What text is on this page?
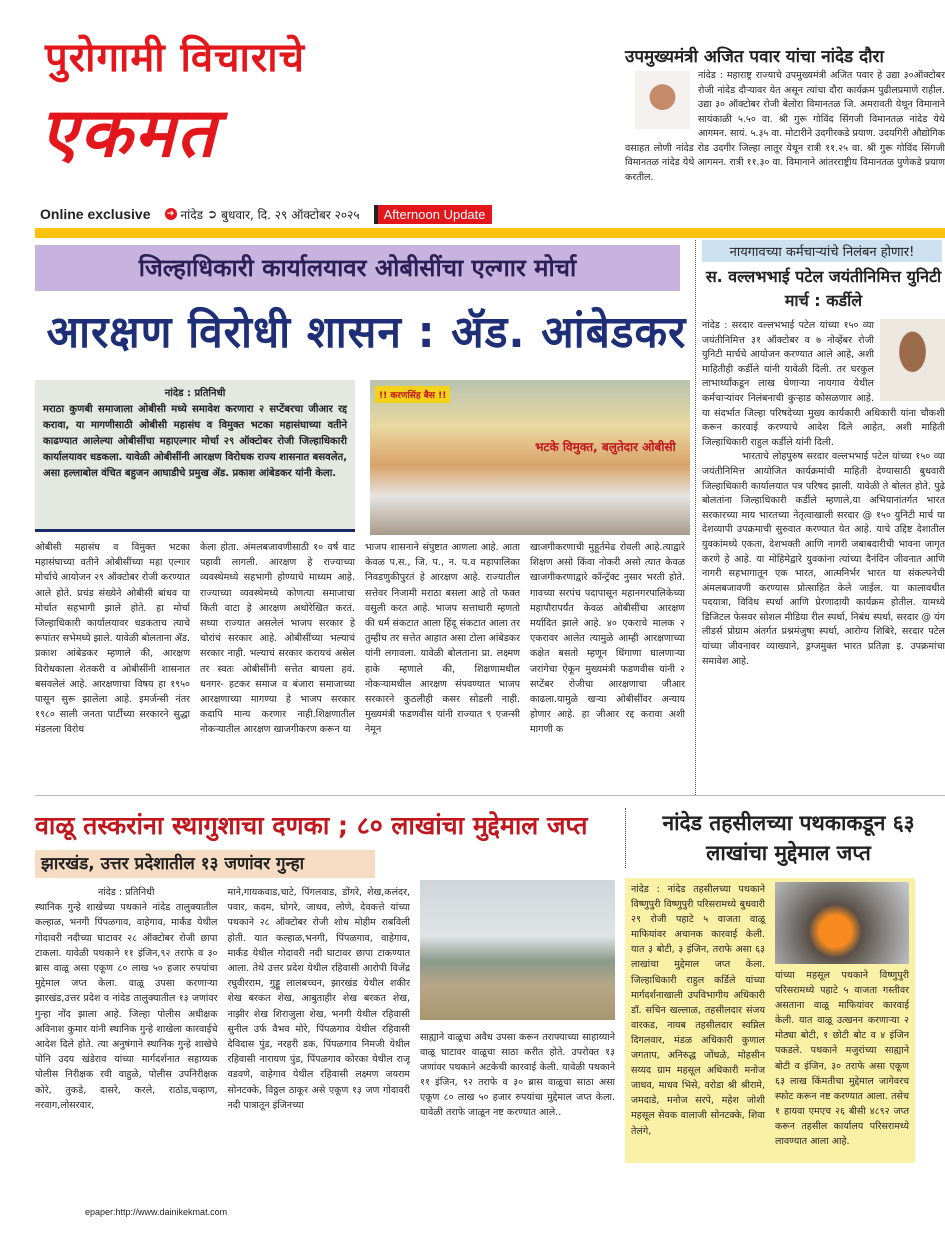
पुरोगामी विचाराचे
एकमत
Online exclusive ➜ नांदेड ➲ बुधवार, दि. २९ ऑक्टोबर २०२५	Afternoon Update
उपमुख्यमंत्री अजित पवार यांचा नांदेड दौरा
नांदेड : महाराष्ट्र राज्याचे उपमुख्यमंत्री अजित पवार हे उद्या ३०ऑक्टोबर रोजी नांदेड दौऱ्यावर येत असून त्यांचा दौरा कार्यक्रम पुढीलप्रमाणे राहील. उद्या ३० ऑक्टोबर रोजी बेलोरा विमानतळ जि. अमरावती येथून विमानाने सायंकाळी ५.५० वा. श्री गुरू गोविंद सिंगजी विमानतळ नांदेड येथे आगमन. सायं. ५.३५ वा. मोटारीने उदगीरकडे प्रयाण. उदयगिरी औद्योगिक वसाहत लोणी नांदेड रोड उदगीर जिल्हा लातूर येथून रात्री ११.२५ वा. श्री गुरू गोविंद सिंगजी विमानतळ नांदेड येथे आगमन. रात्री ११.३० वा. विमानाने आंतरराष्ट्रीय विमानतळ पुणेकडे प्रयाण करतील.
जिल्हाधिकारी कार्यालयावर ओबीसींचा एल्गार मोर्चा
आरक्षण विरोधी शासन : ॲड. आंबेडकर
नांदेड : प्रतिनिधी
मराठा कुणबी समाजाला ओबीसी मध्ये समावेश करणारा २ सप्टेंबरचा जीआर रद्द करावा, या मागणीसाठी ओबीसी महासंघ व विमुक्त भटका महासंघाच्या वतीने काढण्यात आलेल्या ओबीसींचा महाएल्गार मोर्चा २९ ऑक्टोबर रोजी जिल्हाधिकारी कार्यालयावर धडकला. यावेळी ओबीसींनी आरक्षण विरोधक राज्य शासनात बसवलेत, असा हल्लाबोल वंचित बहुजन आघाडीचे प्रमुख ॲड. प्रकाश आंबेडकर यांनी केला.
!! करणसिंह बैस !!
भटके विमुक्त, बलुतेदार ओबीसी
ओबीसी महासंघ व विमुक्त भटका महासंघाच्या वतीने ओबीसींच्या महा एल्गार मोर्चाचे आयोजन २९ ऑक्टोबर रोजी करण्यात आले होते. प्रचंड संख्येने ओबीसी बांधव या मोर्चात सहभागी झाले होते. हा मोर्चा जिल्हाधिकारी कार्यालयावर धडकताच त्याचे रूपांतर सभेमध्ये झाले. यावेळी बोलताना ॲड. प्रकाश आंबेडकर म्हणाले की, आरक्षण विरोधकाला शेतकरी व ओबीसींनी शासनात बसवलेलं आहे. आरक्षणाचा विषय हा १९५० पासून सुरू झालेला आहे. इमर्जन्सी नंतर १९८० साली जनता पार्टीच्या सरकारने सुद्धा मंडलला विरोध
केला होता. अंमलबजावणीसाठी १० वर्ष वाट पहावी लागली. आरक्षण हे राज्याच्या व्यवस्थेमध्ये सहभागी होण्याचे माध्यम आहे. राज्याच्या व्यवस्थेमध्ये कोणत्या समाजाचा किती वाटा हे आरक्षण अधोरेखित करतं. सध्या राज्यात असलेलं भाजप सरकार हे चोरांचं सरकार आहे. ओबीसींच्या भल्याचं सरकार नाही. भल्याचं सरकार करायचं असेल तर स्वतः ओबीसींनी सत्तेत बायला हवं. धनगर- हटकर समाज व बंजारा समाजाच्या आरक्षणाच्या मागण्या हे भाजप सरकार कदापि मान्य करणार नाही.शिक्षणातील नोकऱ्यातील आरक्षण खाजगीकरण करून या
भाजप शासनाने संपुष्टात आणला आहे. आता केवळ प.स., जि. प., न. प.व महापालिका निवडणुकीपुरतं हे आरक्षण आहे. राज्यातील सत्तेवर निजामी मराठा बसला आहे तो फक्त वसुली करत आहे. भाजप सत्ताधारी म्हणतो की धर्म संकटात आला हिंदू संकटात आला तर तुम्हीच तर सत्तेत आहात असा टोला आंबेडकर यांनी लगावला. यावेळी बोलताना प्रा. लक्ष्मण हाके म्हणाले की, शिक्षणामधील नोकऱ्यामधील आरक्षण संपवण्यात भाजप सरकारने कुठलीही कसर सोडली नाही. मुख्यमंत्री फडणवीस यांनी राज्यात ९ एजन्सी नेमून
खाजगीकरणाची मुहूर्तमेढ रोवली आहे.त्याद्वारे शिक्षण असो किंवा नोकरी असो त्यात केवळ खाजगीकरणाद्वारे कॉन्ट्रॅक्ट नुसार भरती होते. गावच्या सरपंच पदापासून महानगरपालिकेच्या महापौरापर्यंत केवळ ओबीसींचा आरक्षण मर्यादित झाले आहे. ४० एकराचे मालक २ एकरावर आलेत त्यामुळे आम्ही आरक्षणाच्या कक्षेत बसतो म्हणून धिंगाणा घालणाऱ्या जरांगेचा ऐकून मुख्यमंत्री फडणवीस यांनी २ सप्टेंबर रोजीचा आरक्षणाचा जीआर काढला.यामुळे खऱ्या ओबीसींवर अन्याय होणार आहे. हा जीआर रद्द करावा अशी मागणी क
नायगावच्या कर्मचाऱ्यांचे निलंबन होणार!
स. वल्लभभाई पटेल जयंतीनिमित्त युनिटी मार्च : कर्डीले
नांदेड : सरदार वल्लभभाई पटेल यांच्या १५० व्या जयंतीनिमित्त ३१ ऑक्टोबर व ७ नोव्हेंबर रोजी युनिटी मार्चचे आयोजन करण्यात आले आहे, अशी माहितीही कर्डीले यांनी यावेळी दिली. तर घरकुल लाभार्थ्यांकडून लाख घेणाऱ्या नायगाव येथील कर्मचाऱ्यांवर निलंबनाची कुऱ्हाड कोसळणार आहे. या संदर्भात जिल्हा परिषदेच्या मुख्य कार्यकारी अधिकारी यांना चौकशी करून कारवाई करण्याचे आदेश दिले आहेत, अशी माहिती जिल्हाधिकारी राहुल कर्डीले यांनी दिली.
भारताचे लोहपुरुष सरदार वल्लभभाई पटेल यांच्या १५० व्या जयंतीनिमित्त आयोजित कार्यक्रमांची माहिती देण्यासाठी बुधवारी जिल्हाधिकारी कार्यालयात पत्र परिषद झाली. यावेळी ते बोलत होते. पुढे बोलतांना जिल्हाधिकारी कर्डीले म्हणाले,या अभियानांतर्गत भारत सरकारच्या माय भारतच्या नेतृत्वाखाली सरदार @ १५० युनिटी मार्च या देशव्यापी उपक्रमाची सुरुवात करण्यात येत आहे. याचे उद्दिष्ट देशातील युवकांमध्ये एकता, देशभक्ती आणि नागरी जबाबदारीची भावना जागृत करणे हे आहे. या मोहिमेद्वारे युवकांना त्यांच्या दैनंदिन जीवनात आणि नागरी सहभागातून एक भारत, आत्मनिर्भर भारत या संकल्पनेची अंमलबजावणी करण्यास प्रोत्साहित केले जाईल. या कालावधीत पदयात्रा, विविध स्पर्धा आणि प्रेरणादायी कार्यक्रम होतील. यामध्ये डिजिटल फेसवर सोशल मीडिया रील स्पर्धा, निबंध स्पर्धा, सरदार @ यंग लीडर्स प्रोग्राम अंतर्गत प्रश्नमंजुषा स्पर्धा, आरोग्य शिबिरे, सरदार पटेल यांच्या जीवनावर व्याख्याने, ड्रग्जमुक्त भारत प्रतिज्ञा इ. उपक्रमांचा समावेश आहे.
वाळू तस्करांना स्थागुशाचा दणका ; ८० लाखांचा मुद्देमाल जप्त
झारखंड, उत्तर प्रदेशातील १३ जणांवर गुन्हा
नांदेड : प्रतिनिधी
स्थानिक गुन्हे शाखेच्या पथकाने नांदेड तालुक्यातील कल्हाळ, भनगी पिंपळगाव, वाहेगाव, मार्कंड येथील गोदावरी नदीच्या घाटावर २८ ऑक्टोबर रोजी छापा टाकला. यावेळी पथकाने ११ इंजिन,९२ तराफे व ३० ब्रास वाळू असा एकूण ८० लाख ५० हजार रुपयांचा मुद्देमाल जप्त केला. वाळू उपसा करणाऱ्या झारखंड,उत्तर प्रदेश व नांदेड तालुक्यातील १३ जणांवर गुन्हा नोंद झाला आहे. जिल्हा पोलीस अधीक्षक अविनाश कुमार यांनी स्थानिक गुन्हे शाखेला कारवाईचे आदेश दिले होते. त्या अनुषंगाने स्थानिक गुन्हे शाखेचे पोनि उदय खंडेराव यांच्या मार्गदर्शनात सहाय्यक पोलीस निरीक्षक रवी वाहुळे, पोलीस उपनिरीक्षक कोरे, तुकडे, दासरे, करले, राठोड,चव्हाण, नरवाग,लोसरवार,
माने,गायकवाड,चाटे, पिंगलवाड, डोंगरे, शेख,कलंदर, पवार, कदम, घोगरे, जाधव, लोणे, देवकत्ते यांच्या पथकाने २८ ऑक्टोबर रोजी शोध मोहीम राबविली होती. यात कल्हाळ,भनगी, पिंपळगाव, वाहेगाव, मार्कंड येथील गोदावरी नदी घाटावर छापा टाकण्यात आला. तेथे उत्तर प्रदेश येथील रहिवासी आरोपी विजेंद्र रघुवीरराम, गुड्डू लालबच्चन, झारखंड येथील शकीर शेख बरकत शेख, आबुताहीर शेख बरकत शेख, नाझीर शेख शिराजुला शेख, भनगी येथील रहिवासी सुनील उर्फ वैभव मोरे, पिंपळगाव येथील रहिवासी देविदास पुंड, नरहरी डक, पिंपळगाव निमजी येथील रहिवासी नारायण पुंड, पिंपळगाव कोरका येथील राजू वडवणे, वाहेगाव येथील रहिवासी लक्ष्मण जयराम सोनटक्के, विठ्ठल ठाकूर असे एकूण १३ जण गोदावरी नदी पात्रातून इंजिनच्या
साह्याने वाळूचा अवैध उपसा करून तराफ्याच्या साहाय्याने वाळू घाटावर वाळूचा साठा करीत होते. उपरोक्त १३ जणांवर पथकाने अटकेची कारवाई केली. यावेळी पथकाने ११ इंजिन, ९२ तराफे व ३० ब्रास वाळूचा साठा असा एकूण ८० लाख ५० हजार रुपयांचा मुद्देमाल जप्त केला. यावेळी तराफे जाळून नष्ट करण्यात आले..
नांदेड तहसीलच्या पथकाकडून ६३ लाखांचा मुद्देमाल जप्त
नांदेड : नांदेड तहसीलच्या पथकाने विष्णुपुरी विष्णुपुरी परिसरामध्ये बुधवारी २९ रोजी पहाटे ५ वाजता वाळू माफियांवर अचानक कारवाई केली. यात ३ बोटी, ३ इंजिन, तराफे असा ६३ लाखांचा मुद्देमाल जप्त केला. जिल्हाधिकारी राहुल कर्डिले यांच्या मार्गदर्शनाखाली उपविभागीय अधिकारी डॉ. सचिन खल्लाळ, तहसीलदार संजय वारकड, नायब तहसीलदार स्वप्निल दिगलवार, मंडळ अधिकारी कुणाल जगताप, अनिरुद्ध जोंधळे, मोहसीन सय्यद ग्राम महसूल अधिकारी मनोज जाधव, माधव भिसे, वरोडा श्री श्रीरामे, जमदाडे, मनोज सरपे, महेश जोशी महसूल सेवक वालाजी सोनटक्के, शिवा तेलंगे,
यांच्या महसूल पथकाने विष्णुपुरी परिसरामध्ये पहाटे ५ वाजता गस्तीवर असताना वाळू माफियांवर कारवाई केली. यात वाळू उत्खनन करणाऱ्या २ मोठ्या बोटी, १ छोटी बोट व ४ इंजिन पकडले. पथकाने मजुरांच्या साह्याने बोटी व इंजिन, ३० तराफे असा एकूण ६३ लाख किंमतीचा मुद्देमाल जागेवरच स्फोट करून नष्ट करण्यात आला. तसेच १ हायवा एमएच २६ बीसी ४८९२ जप्त करून तहसील कार्यालय परिसरामध्ये लावण्यात आला आहे.
epaper:http://www.dainikekmat.com
